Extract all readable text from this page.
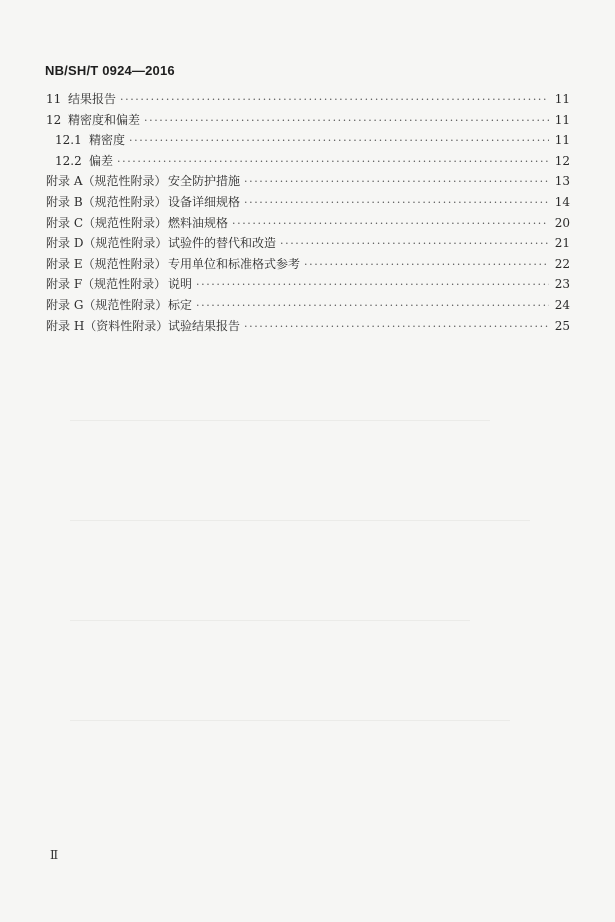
NB/SH/T 0924—2016
11 结果报告 ·····	11
12 精密度和偏差 ·····	11
12.1 精密度 ·····	11
12.2 偏差 ·····	12
附录 A（规范性附录） 安全防护措施 ·····	13
附录 B（规范性附录） 设备详细规格 ·····	14
附录 C（规范性附录） 燃料油规格 ·····	20
附录 D（规范性附录） 试验件的替代和改造 ·····	21
附录 E（规范性附录） 专用单位和标准格式参考 ·····	22
附录 F（规范性附录） 说明 ·····	23
附录 G（规范性附录） 标定 ·····	24
附录 H（资料性附录） 试验结果报告 ·····	25
Ⅱ
